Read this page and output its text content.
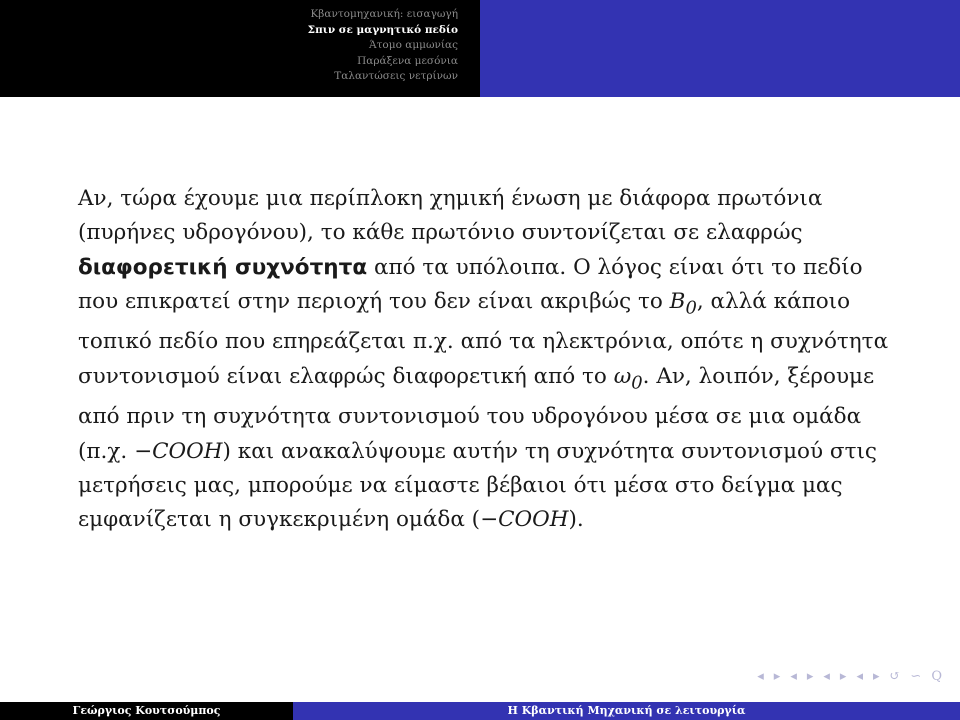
Κβαντομηχανική: εισαγωγή
Σπιν σε μαγνητικό πεδίο
Άτομο αμμωνίας
Παράξενα μεσόνια
Ταλαντώσεις νετρίνων
Αν, τώρα έχουμε μια περίπλοκη χημική ένωση με διάφορα πρωτόνια (πυρήνες υδρογόνου), το κάθε πρωτόνιο συντονίζεται σε ελαφρώς διαφορετική συχνότητα από τα υπόλοιπα. Ο λόγος είναι ότι το πεδίο που επικρατεί στην περιοχή του δεν είναι ακριβώς το $B_0$, αλλά κάποιο τοπικό πεδίο που επηρεάζεται π.χ. από τα ηλεκτρόνια, οπότε η συχνότητα συντονισμού είναι ελαφρώς διαφορετική από το $\omega_0$. Αν, λοιπόν, ξέρουμε από πριν τη συχνότητα συντονισμού του υδρογόνου μέσα σε μια ομάδα (π.χ. −COOH) και ανακαλύψουμε αυτήν τη συχνότητα συντονισμού στις μετρήσεις μας, μπορούμε να είμαστε βέβαιοι ότι μέσα στο δείγμα μας εμφανίζεται η συγκεκριμένη ομάδα (−COOH).
◂ ▸ ◂ ▸ ◂ ▸ ◂ ▸ ↺ ∽ Q
Γεώργιος Κουτσούμπος	Η Κβαντική Μηχανική σε λειτουργία
